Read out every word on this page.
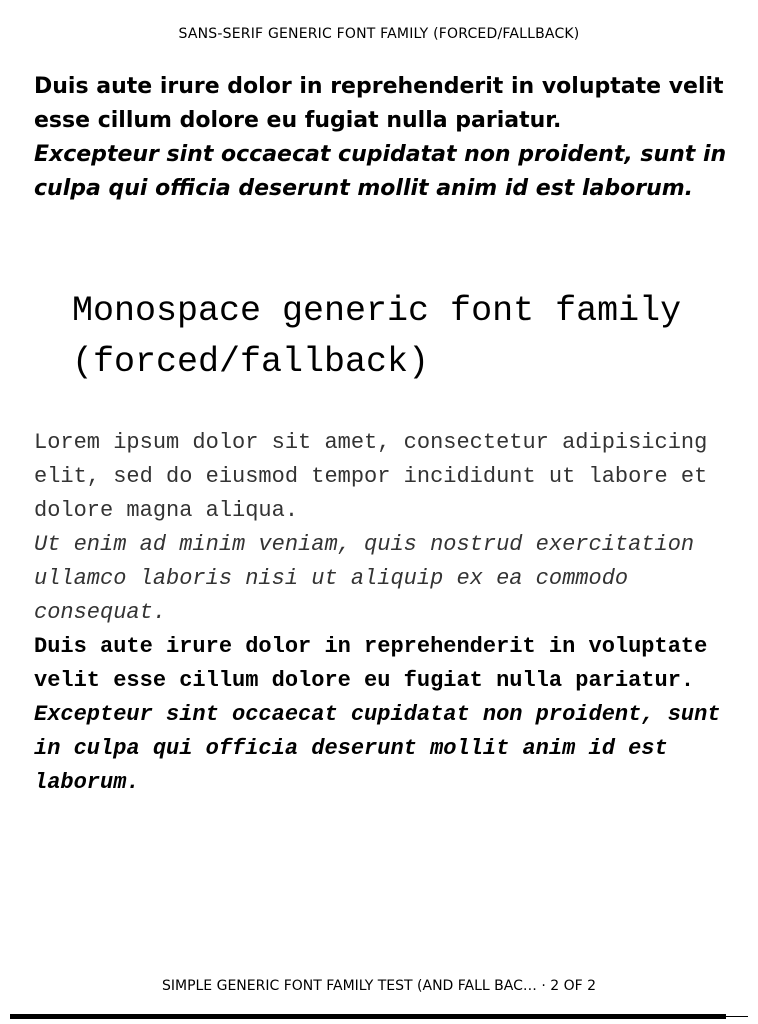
SANS-SERIF GENERIC FONT FAMILY (FORCED/FALLBACK)

Duis aute irure dolor in reprehenderit in voluptate velit esse cillum dolore eu fugiat nulla pariatur.

Excepteur sint occaecat cupidatat non proident, sunt in culpa qui officia deserunt mollit anim id est laborum.

Monospace generic font family (forced/fallback)

Lorem ipsum dolor sit amet, consectetur adipisicing elit, sed do eiusmod tempor incididunt ut labore et dolore magna aliqua.

Ut enim ad minim veniam, quis nostrud exercitation ullamco laboris nisi ut aliquip ex ea commodo consequat.

Duis aute irure dolor in reprehenderit in voluptate velit esse cillum dolore eu fugiat nulla pariatur.

Excepteur sint occaecat cupidatat non proident, sunt in culpa qui officia deserunt mollit anim id est laborum.

SIMPLE GENERIC FONT FAMILY TEST (AND FALL BAC… · 2 OF 2
